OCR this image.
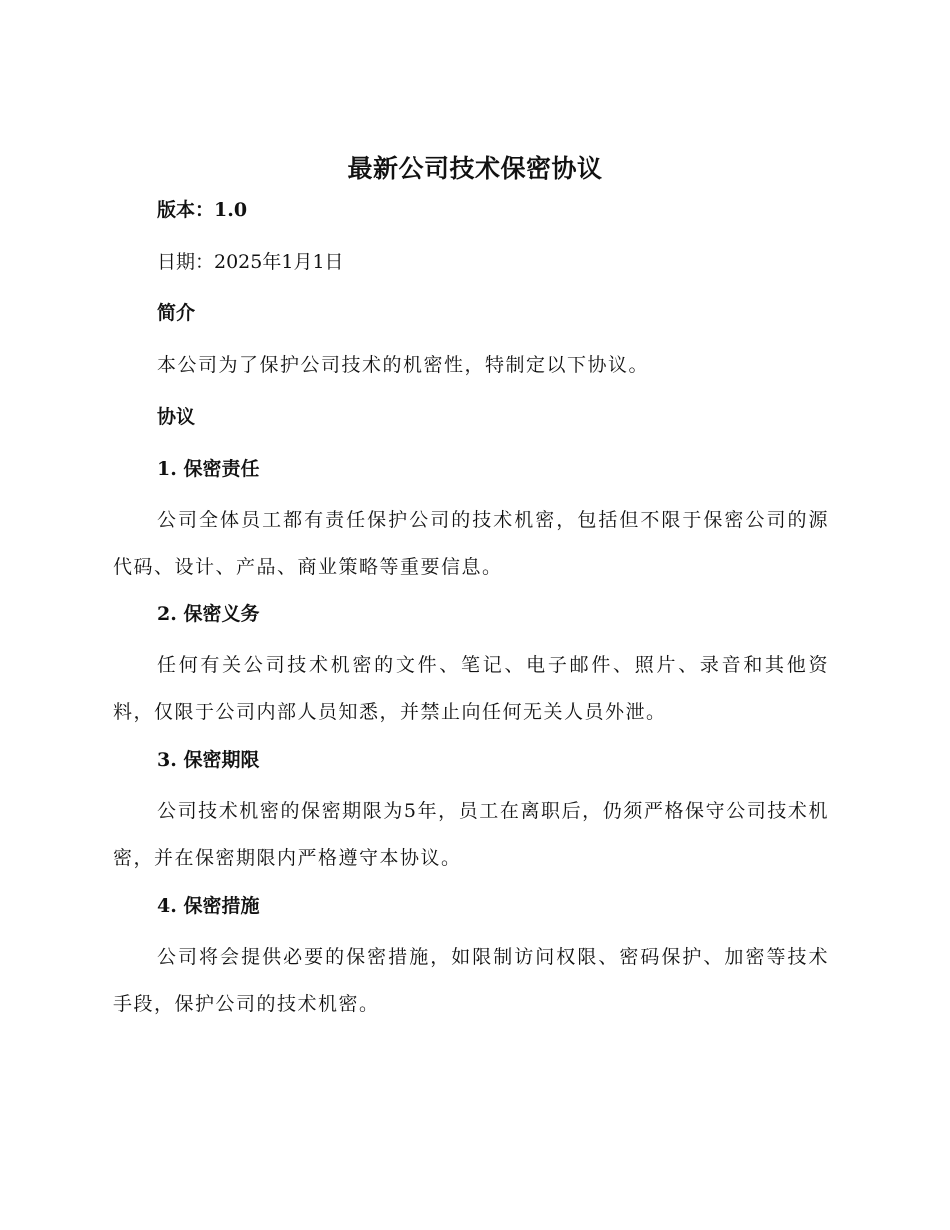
最新公司技术保密协议
版本：1.0
日期：2025年1月1日
简介
本公司为了保护公司技术的机密性，特制定以下协议。
协议
1. 保密责任

公司全体员工都有责任保护公司的技术机密，包括但不限于保密公司的源代码、设计、产品、商业策略等重要信息。

2. 保密义务

任何有关公司技术机密的文件、笔记、电子邮件、照片、录音和其他资料，仅限于公司内部人员知悉，并禁止向任何无关人员外泄。

3. 保密期限

公司技术机密的保密期限为5年，员工在离职后，仍须严格保守公司技术机密，并在保密期限内严格遵守本协议。

4. 保密措施

公司将会提供必要的保密措施，如限制访问权限、密码保护、加密等技术手段，保护公司的技术机密。
